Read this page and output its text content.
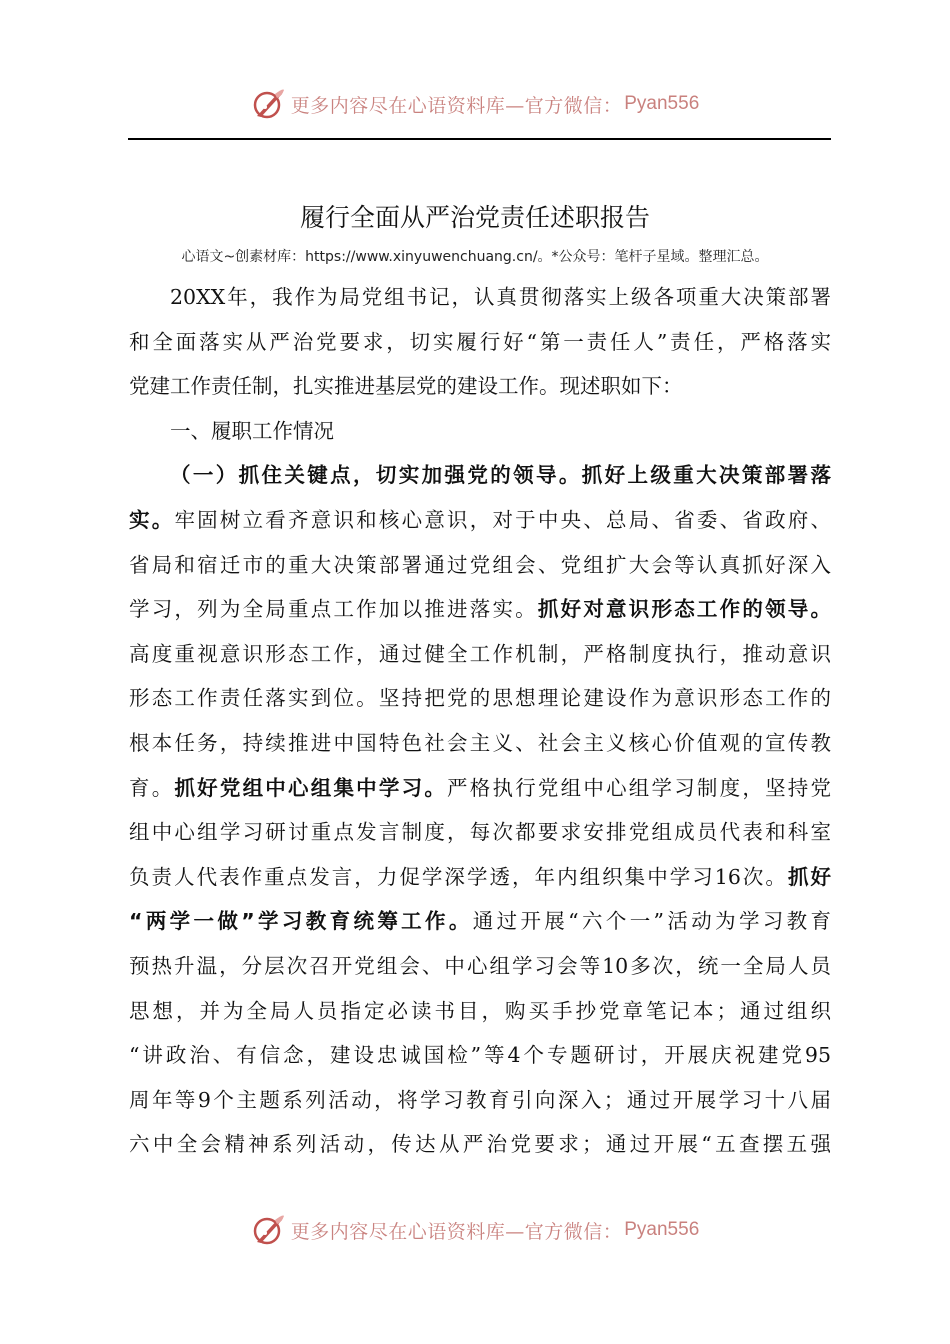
更多内容尽在心语资料库—官方微信： Pyan556
履行全面从严治党责任述职报告
心语文~创素材库：https://www.xinyuwenchuang.cn/。*公众号：笔杆子星域。整理汇总。
20XX年，我作为局党组书记，认真贯彻落实上级各项重大决策部署
和全面落实从严治党要求，切实履行好“第一责任人”责任，严格落实
党建工作责任制，扎实推进基层党的建设工作。现述职如下：
一、履职工作情况
（一）抓住关键点，切实加强党的领导。抓好上级重大决策部署落
实。牢固树立看齐意识和核心意识，对于中央、总局、省委、省政府、
省局和宿迁市的重大决策部署通过党组会、党组扩大会等认真抓好深入
学习，列为全局重点工作加以推进落实。抓好对意识形态工作的领导。
高度重视意识形态工作，通过健全工作机制，严格制度执行，推动意识
形态工作责任落实到位。坚持把党的思想理论建设作为意识形态工作的
根本任务，持续推进中国特色社会主义、社会主义核心价值观的宣传教
育。抓好党组中心组集中学习。严格执行党组中心组学习制度，坚持党
组中心组学习研讨重点发言制度，每次都要求安排党组成员代表和科室
负责人代表作重点发言，力促学深学透，年内组织集中学习16次。抓好
“两学一做”学习教育统筹工作。通过开展“六个一”活动为学习教育
预热升温，分层次召开党组会、中心组学习会等10多次，统一全局人员
思想，并为全局人员指定必读书目，购买手抄党章笔记本；通过组织
“讲政治、有信念，建设忠诚国检”等4个专题研讨，开展庆祝建党95
周年等9个主题系列活动，将学习教育引向深入；通过开展学习十八届
六中全会精神系列活动，传达从严治党要求；通过开展“五查摆五强
更多内容尽在心语资料库—官方微信： Pyan556
